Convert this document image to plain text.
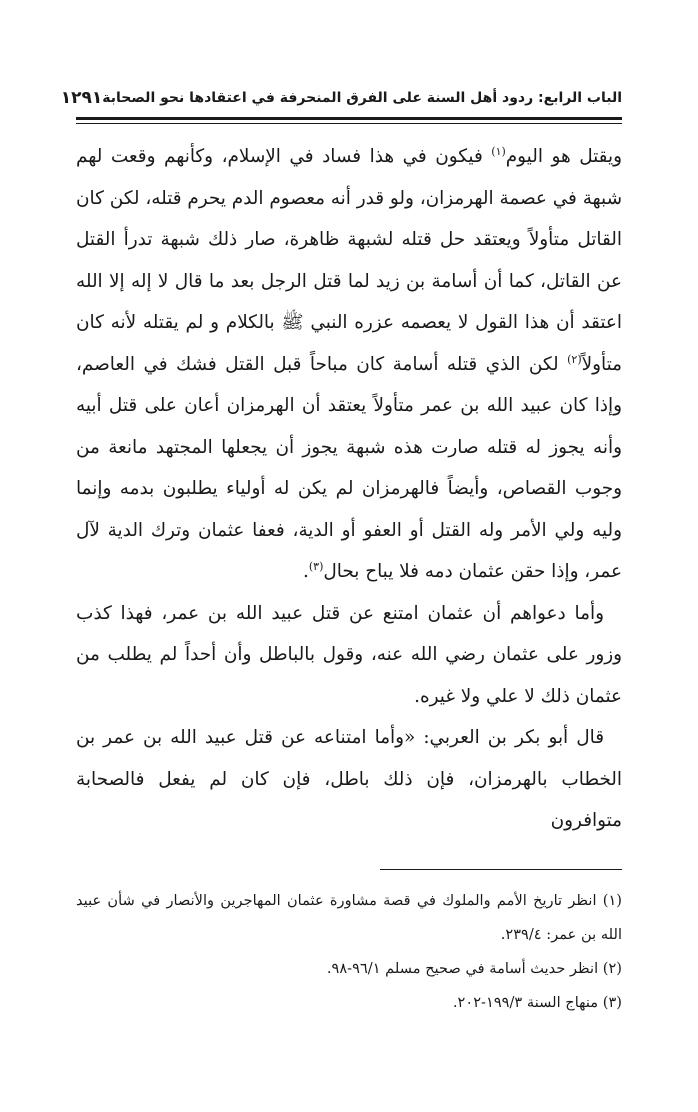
الباب الرابع: ردود أهل السنة على الفرق المنحرفة في اعتقادها نحو الصحابة
١٢٩١

ويقتل هو اليوم$^{(١)}$ فيكون في هذا فساد في الإسلام، وكأنهم وقعت لهم شبهة في عصمة الهرمزان، ولو قدر أنه معصوم الدم يحرم قتله، لكن كان القاتل متأولاً ويعتقد حل قتله لشبهة ظاهرة، صار ذلك شبهة تدرأ القتل عن القاتل، كما أن أسامة بن زيد لما قتل الرجل بعد ما قال لا إله إلا الله اعتقد أن هذا القول لا يعصمه عزره النبي ﷺ بالكلام و لم يقتله لأنه كان متأولاً$^{(٢)}$ لكن الذي قتله أسامة كان مباحاً قبل القتل فشك في العاصم، وإذا كان عبيد الله بن عمر متأولاً يعتقد أن الهرمزان أعان على قتل أبيه وأنه يجوز له قتله صارت هذه شبهة يجوز أن يجعلها المجتهد مانعة من وجوب القصاص، وأيضاً فالهرمزان لم يكن له أولياء يطلبون بدمه وإنما وليه ولي الأمر وله القتل أو العفو أو الدية، فعفا عثمان وترك الدية لآل عمر، وإذا حقن عثمان دمه فلا يباح بحال$^{(٣)}$.

وأما دعواهم أن عثمان امتنع عن قتل عبيد الله بن عمر، فهذا كذب وزور على عثمان رضي الله عنه، وقول بالباطل وأن أحداً لم يطلب من عثمان ذلك لا علي ولا غيره.

قال أبو بكر بن العربي: «وأما امتناعه عن قتل عبيد الله بن عمر بن الخطاب بالهرمزان، فإن ذلك باطل، فإن كان لم يفعل فالصحابة متوافرون

(١) انظر تاريخ الأمم والملوك في قصة مشاورة عثمان المهاجرين والأنصار في شأن عبيد الله بن عمر: ٢٣٩/٤.

(٢) انظر حديث أسامة في صحيح مسلم ٩٦/١-٩٨.

(٣) منهاج السنة ١٩٩/٣-٢٠٢.
